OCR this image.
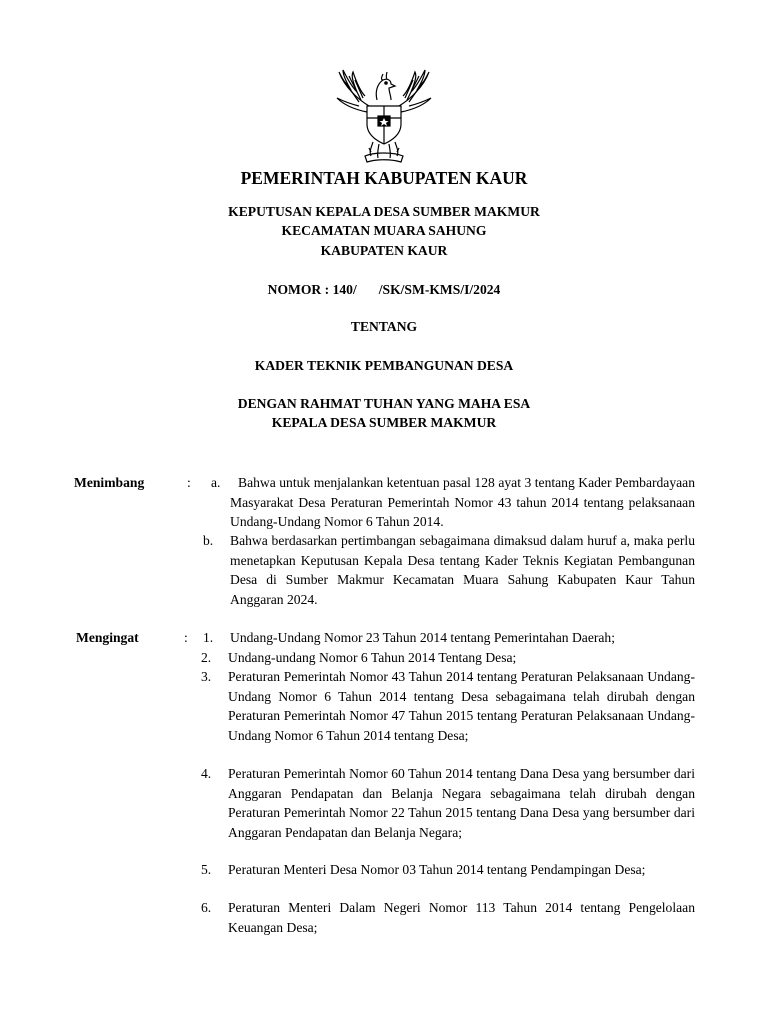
PEMERINTAH KABUPATEN KAUR
KEPUTUSAN KEPALA DESA SUMBER MAKMUR
KECAMATAN MUARA SAHUNG
KABUPATEN KAUR
NOMOR : 140/ /SK/SM-KMS/I/2024
TENTANG
KADER TEKNIK PEMBANGUNAN DESA
DENGAN RAHMAT TUHAN YANG MAHA ESA
KEPALA DESA SUMBER MAKMUR
Menimbang	: a.	Bahwa untuk menjalankan ketentuan pasal 128 ayat 3 tentang Kader Pembardayaan Masyarakat Desa Peraturan Pemerintah Nomor 43 tahun 2014 tentang pelaksanaan Undang-Undang Nomor 6 Tahun 2014.
b. Bahwa berdasarkan pertimbangan sebagaimana dimaksud dalam huruf a, maka perlu menetapkan Keputusan Kepala Desa tentang Kader Teknis Kegiatan Pembangunan Desa di Sumber Makmur Kecamatan Muara Sahung Kabupaten Kaur Tahun Anggaran 2024.
Mengingat	: 1. Undang-Undang Nomor 23 Tahun 2014 tentang Pemerintahan Daerah;
2. Undang-undang Nomor 6 Tahun 2014 Tentang Desa;
3. Peraturan Pemerintah Nomor 43 Tahun 2014 tentang Peraturan Pelaksanaan Undang-Undang Nomor 6 Tahun 2014 tentang Desa sebagaimana telah dirubah dengan Peraturan Pemerintah Nomor 47 Tahun 2015 tentang Peraturan Pelaksanaan Undang-Undang Nomor 6 Tahun 2014 tentang Desa;
4. Peraturan Pemerintah Nomor 60 Tahun 2014 tentang Dana Desa yang bersumber dari Anggaran Pendapatan dan Belanja Negara sebagaimana telah dirubah dengan Peraturan Pemerintah Nomor 22 Tahun 2015 tentang Dana Desa yang bersumber dari Anggaran Pendapatan dan Belanja Negara;
5. Peraturan Menteri Desa Nomor 03 Tahun 2014 tentang Pendampingan Desa;
6. Peraturan Menteri Dalam Negeri Nomor 113 Tahun 2014 tentang Pengelolaan Keuangan Desa;
